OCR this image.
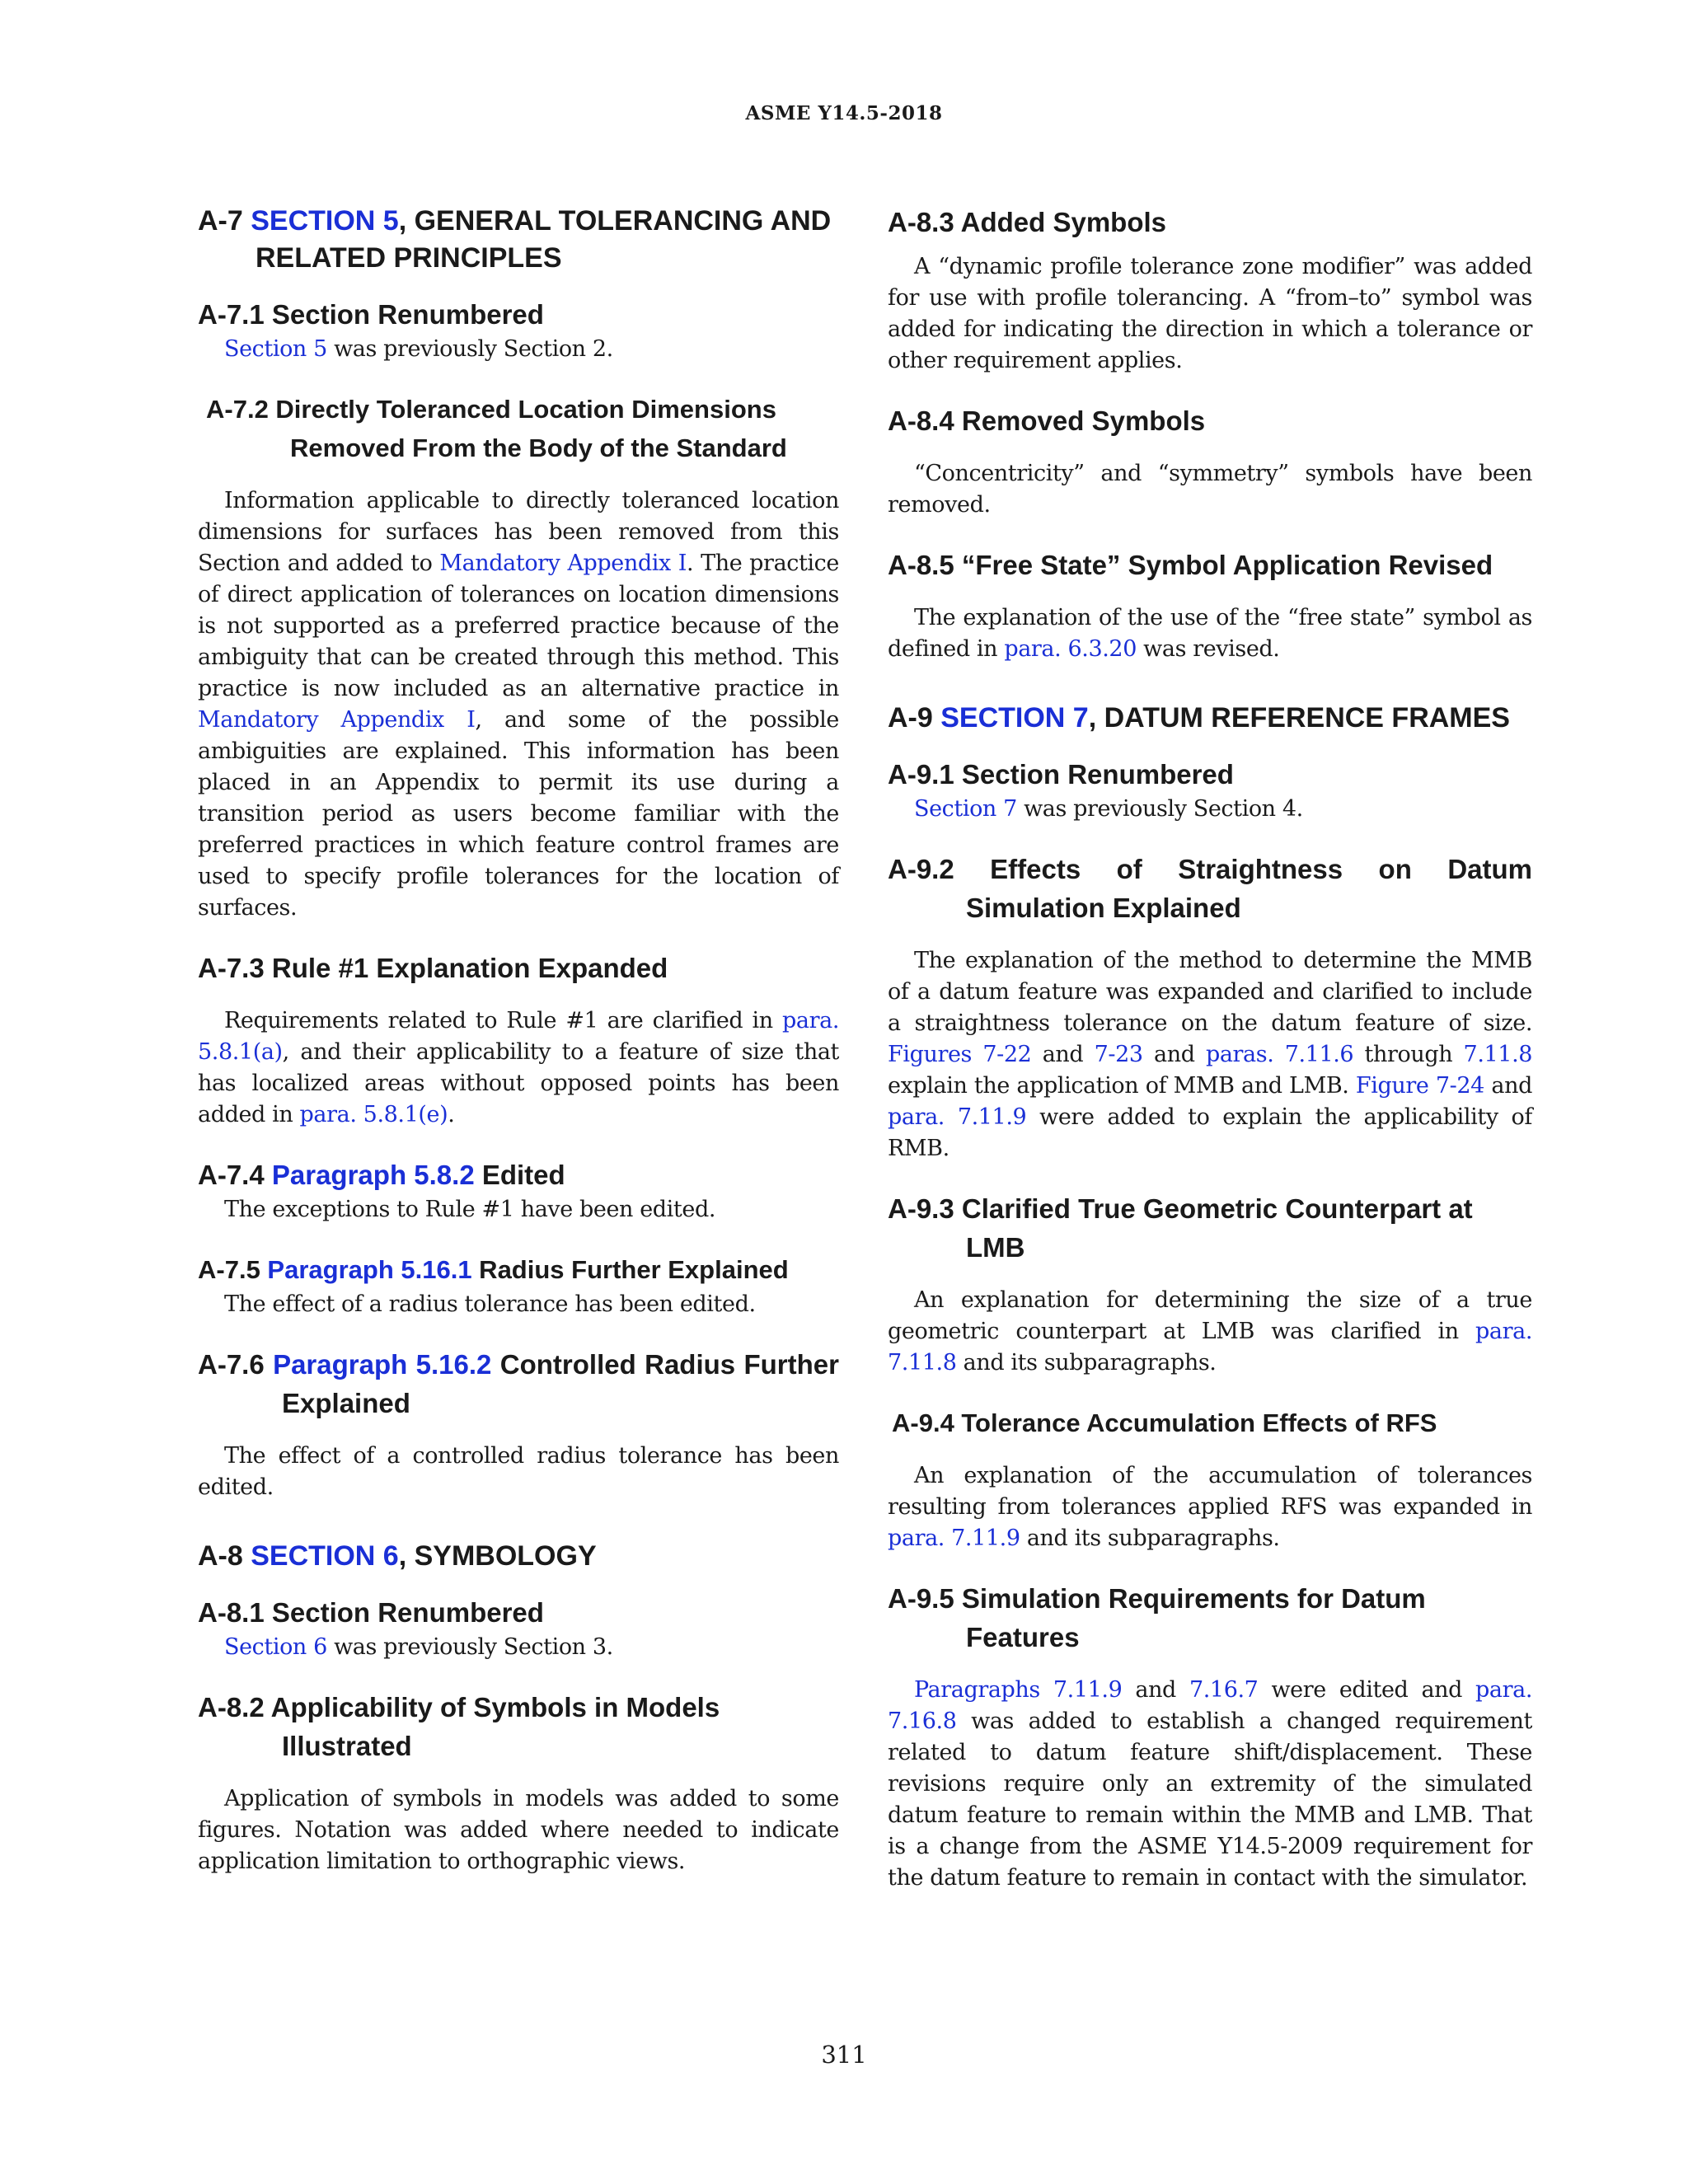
ASME Y14.5-2018
A-7 SECTION 5, GENERAL TOLERANCING AND RELATED PRINCIPLES
A-7.1 Section Renumbered

Section 5 was previously Section 2.

A-7.2 Directly Toleranced Location Dimensions Removed From the Body of the Standard

Information applicable to directly toleranced location dimensions for surfaces has been removed from this Section and added to Mandatory Appendix I. The practice of direct application of tolerances on location dimensions is not supported as a preferred practice because of the ambiguity that can be created through this method. This practice is now included as an alternative practice in Mandatory Appendix I, and some of the possible ambiguities are explained. This information has been placed in an Appendix to permit its use during a transition period as users become familiar with the preferred practices in which feature control frames are used to specify profile tolerances for the location of surfaces.

A-7.3 Rule #1 Explanation Expanded

Requirements related to Rule #1 are clarified in para. 5.8.1(a), and their applicability to a feature of size that has localized areas without opposed points has been added in para. 5.8.1(e).

A-7.4 Paragraph 5.8.2 Edited

The exceptions to Rule #1 have been edited.

A-7.5 Paragraph 5.16.1 Radius Further Explained

The effect of a radius tolerance has been edited.

A-7.6 Paragraph 5.16.2 Controlled Radius Further Explained

The effect of a controlled radius tolerance has been edited.

A-8 SECTION 6, SYMBOLOGY
A-8.1 Section Renumbered

Section 6 was previously Section 3.

A-8.2 Applicability of Symbols in Models Illustrated

Application of symbols in models was added to some figures. Notation was added where needed to indicate application limitation to orthographic views.

A-8.3 Added Symbols

A “dynamic profile tolerance zone modifier” was added for use with profile tolerancing. A “from–to” symbol was added for indicating the direction in which a tolerance or other requirement applies.

A-8.4 Removed Symbols

“Concentricity” and “symmetry” symbols have been removed.

A-8.5 “Free State” Symbol Application Revised

The explanation of the use of the “free state” symbol as defined in para. 6.3.20 was revised.

A-9 SECTION 7, DATUM REFERENCE FRAMES
A-9.1 Section Renumbered

Section 7 was previously Section 4.

A-9.2 Effects of Straightness on Datum Simulation Explained

The explanation of the method to determine the MMB of a datum feature was expanded and clarified to include a straightness tolerance on the datum feature of size. Figures 7-22 and 7-23 and paras. 7.11.6 through 7.11.8 explain the application of MMB and LMB. Figure 7-24 and para. 7.11.9 were added to explain the applicability of RMB.

A-9.3 Clarified True Geometric Counterpart at LMB

An explanation for determining the size of a true geometric counterpart at LMB was clarified in para. 7.11.8 and its subparagraphs.

A-9.4 Tolerance Accumulation Effects of RFS

An explanation of the accumulation of tolerances resulting from tolerances applied RFS was expanded in para. 7.11.9 and its subparagraphs.

A-9.5 Simulation Requirements for Datum Features

Paragraphs 7.11.9 and 7.16.7 were edited and para. 7.16.8 was added to establish a changed requirement related to datum feature shift/displacement. These revisions require only an extremity of the simulated datum feature to remain within the MMB and LMB. That is a change from the ASME Y14.5-2009 requirement for the datum feature to remain in contact with the simulator.

311
